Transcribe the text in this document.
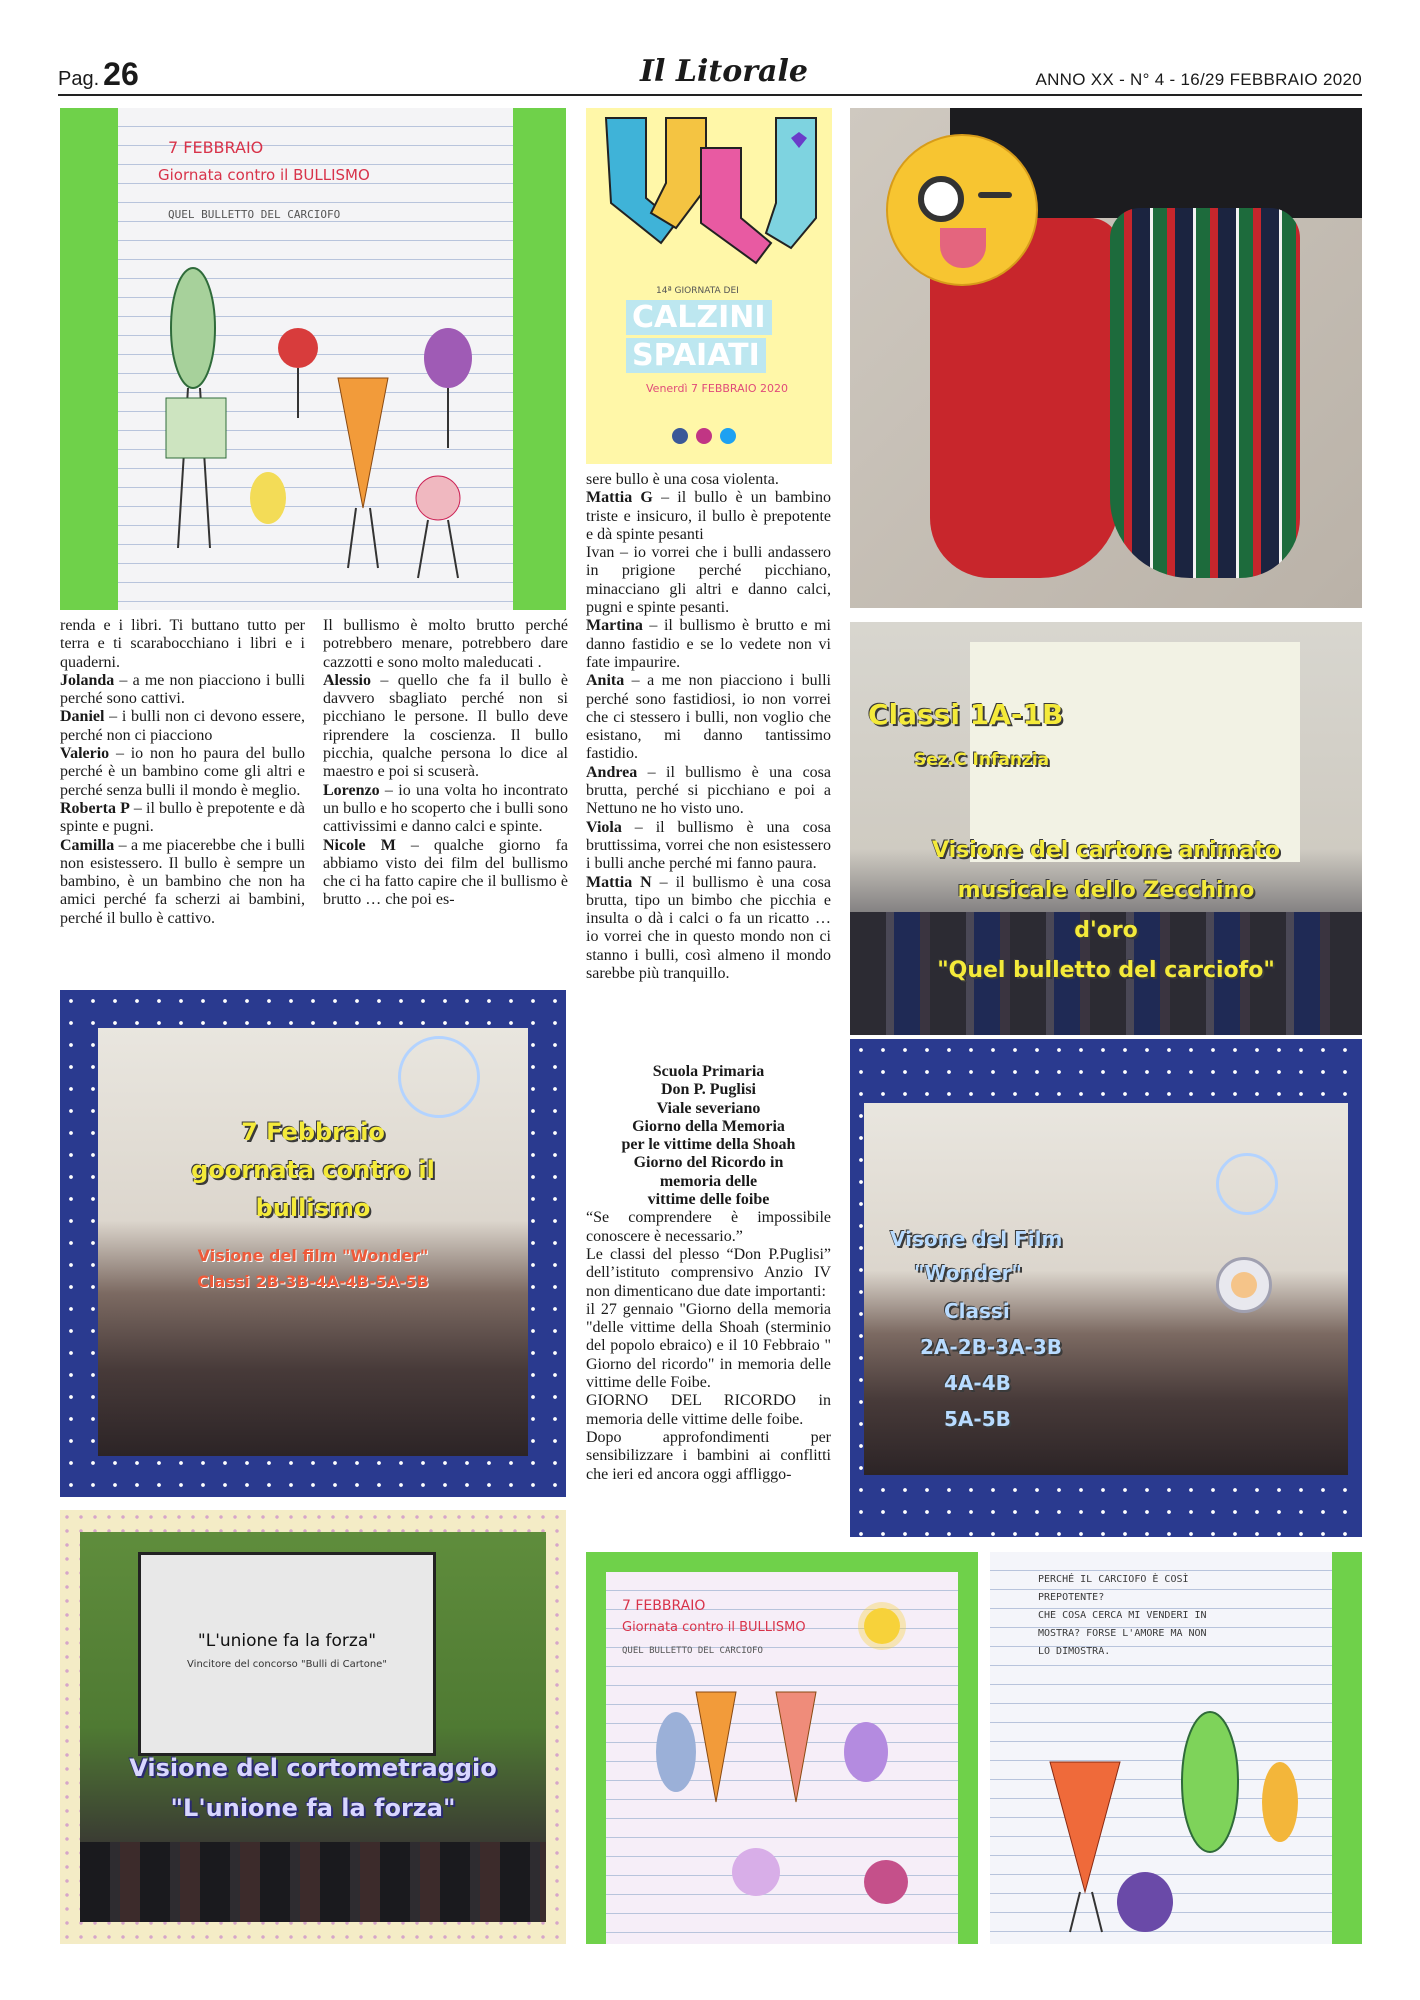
Pag. 26	Il Litorale	ANNO XX - N° 4 - 16/29 FEBBRAIO 2020
7 FEBBRAIO
Giornata contro il BULLISMO
QUEL BULLETTO DEL CARCIOFO
14ª GIORNATA DEI
CALZINI
SPAIATI
Venerdì 7 FEBBRAIO 2020

renda e i libri. Ti buttano tutto per terra e ti scarabocchiano i libri e i quaderni.

Jolanda – a me non piacciono i bulli perché sono cattivi.

Daniel – i bulli non ci devono essere, perché non ci piacciono

Valerio – io non ho paura del bullo perché è un bambino come gli altri e perché senza bulli il mondo è meglio.

Roberta P – il bullo è prepotente e dà spinte e pugni.

Camilla – a me piacerebbe che i bulli non esistessero. Il bullo è sempre un bambino, è un bambino che non ha amici perché fa scherzi ai bambini, perché il bullo è cattivo.

Il bullismo è molto brutto perché potrebbero menare, potrebbero dare cazzotti e sono molto maleducati .

Alessio – quello che fa il bullo è davvero sbagliato perché non si picchiano le persone. Il bullo deve riprendere la coscienza. Il bullo picchia, qualche persona lo dice al maestro e poi si scuserà.

Lorenzo – io una volta ho incontrato un bullo e ho scoperto che i bulli sono cattivissimi e danno calci e spinte.

Nicole M – qualche giorno fa abbiamo visto dei film del bullismo che ci ha fatto capire che il bullismo è brutto … che poi es-

sere bullo è una cosa violenta.

Mattia G – il bullo è un bambino triste e insicuro, il bullo è prepotente e dà spinte pesanti

Ivan – io vorrei che i bulli andassero in prigione perché picchiano, minacciano gli altri e danno calci, pugni e spinte pesanti.

Martina – il bullismo è brutto e mi danno fastidio e se lo vedete non vi fate impaurire.

Anita – a me non piacciono i bulli perché sono fastidiosi, io non vorrei che ci stessero i bulli, non voglio che esistano, mi danno tantissimo fastidio.

Andrea – il bullismo è una cosa brutta, perché si picchiano e poi a Nettuno ne ho visto uno.

Viola – il bullismo è una cosa bruttissima, vorrei che non esistessero i bulli anche perché mi fanno paura.

Mattia N – il bullismo è una cosa brutta, tipo un bimbo che picchia e insulta o dà i calci o fa un ricatto … io vorrei che in questo mondo non ci stanno i bulli, così almeno il mondo sarebbe più tranquillo.

Scuola Primaria
Don P. Puglisi
Viale severiano
Giorno della Memoria
per le vittime della Shoah
Giorno del Ricordo in
memoria delle
vittime delle foibe

“Se comprendere è impossibile conoscere è necessario.”

Le classi del plesso “Don P.Puglisi” dell’istituto comprensivo Anzio IV non dimenticano due date importanti:

il 27 gennaio "Giorno della memoria "delle vittime della Shoah (sterminio del popolo ebraico) e il 10 Febbraio " Giorno del ricordo" in memoria delle vittime delle Foibe.

GIORNO DEL RICORDO in memoria delle vittime delle foibe.

Dopo approfondimenti per sensibilizzare i bambini ai conflitti che ieri ed ancora oggi affliggo-

Classi 1A-1B
Sez.C Infanzia
Visione del cartone animato
musicale dello Zecchino
d'oro
"Quel bulletto del carciofo"
7 Febbraio
goornata contro il
bullismo
Visione del film "Wonder"
Classi 2B-3B-4A-4B-5A-5B
Visone del Film
"Wonder"
Classi
2A-2B-3A-3B
4A-4B
5A-5B
"L'unione fa la forza"
Vincitore del concorso "Bulli di Cartone"
Visione del cortometraggio
"L'unione fa la forza"
7 FEBBRAIO
Giornata contro il BULLISMO
QUEL BULLETTO DEL CARCIOFO
PERCHÉ IL CARCIOFO È COSÌ
PREPOTENTE?
CHE COSA CERCA MI VENDERI IN
MOSTRA? FORSE L'AMORE MA NON
LO DIMOSTRA.
